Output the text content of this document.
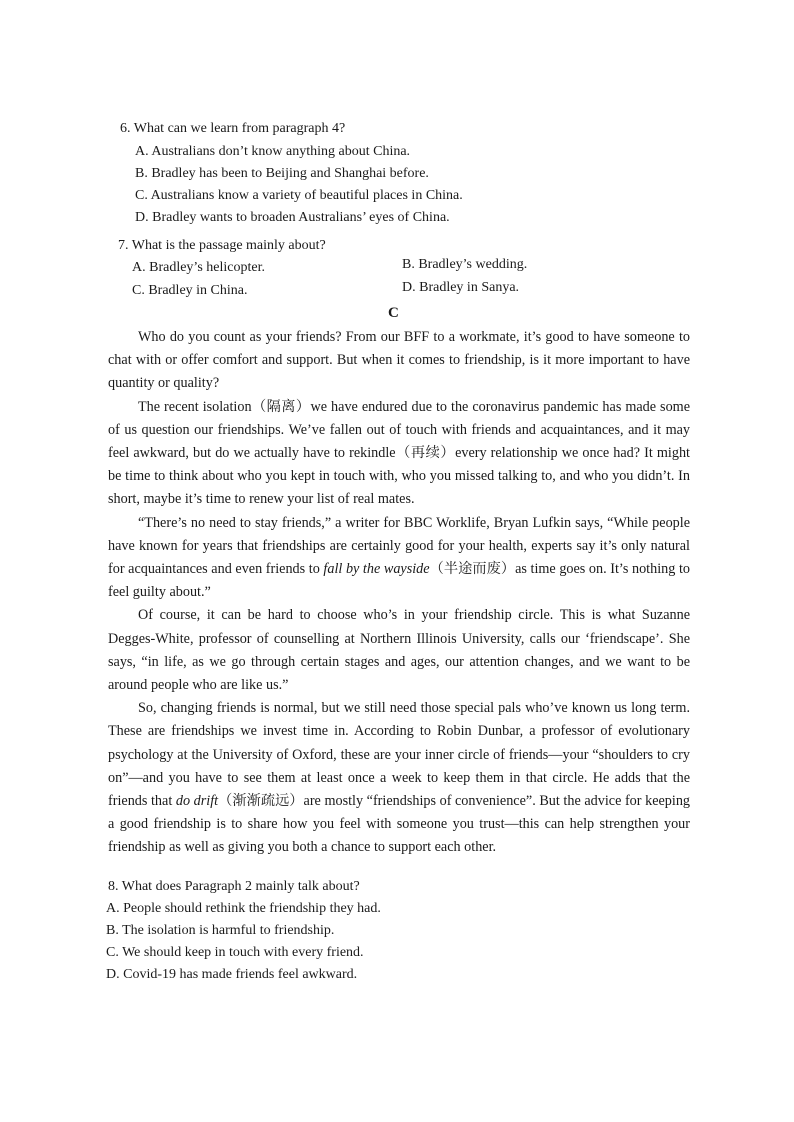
6. What can we learn from paragraph 4?
A. Australians don’t know anything about China.
B. Bradley has been to Beijing and Shanghai before.
C. Australians know a variety of beautiful places in China.
D. Bradley wants to broaden Australians’ eyes of China.
7. What is the passage mainly about?
A. Bradley’s helicopter.	B. Bradley’s wedding.
C. Bradley in China.	D. Bradley in Sanya.
C

Who do you count as your friends? From our BFF to a workmate, it’s good to have someone to chat with or offer comfort and support. But when it comes to friendship, is it more important to have quantity or quality?

The recent isolation（隔离）we have endured due to the coronavirus pandemic has made some of us question our friendships. We’ve fallen out of touch with friends and acquaintances, and it may feel awkward, but do we actually have to rekindle（再续）every relationship we once had? It might be time to think about who you kept in touch with, who you missed talking to, and who you didn’t. In short, maybe it’s time to renew your list of real mates.

“There’s no need to stay friends,” a writer for BBC Worklife, Bryan Lufkin says, “While people have known for years that friendships are certainly good for your health, experts say it’s only natural for acquaintances and even friends to fall by the wayside（半途而废）as time goes on. It’s nothing to feel guilty about.”

Of course, it can be hard to choose who’s in your friendship circle. This is what Suzanne Degges-White, professor of counselling at Northern Illinois University, calls our ‘friendscape’. She says, “in life, as we go through certain stages and ages, our attention changes, and we want to be around people who are like us.”

So, changing friends is normal, but we still need those special pals who’ve known us long term. These are friendships we invest time in. According to Robin Dunbar, a professor of evolutionary psychology at the University of Oxford, these are your inner circle of friends—your “shoulders to cry on”—and you have to see them at least once a week to keep them in that circle. He adds that the friends that do drift（渐渐疏远）are mostly “friendships of convenience”. But the advice for keeping a good friendship is to share how you feel with someone you trust—this can help strengthen your friendship as well as giving you both a chance to support each other.

8. What does Paragraph 2 mainly talk about?
A. People should rethink the friendship they had.
B. The isolation is harmful to friendship.
C. We should keep in touch with every friend.
D. Covid-19 has made friends feel awkward.
